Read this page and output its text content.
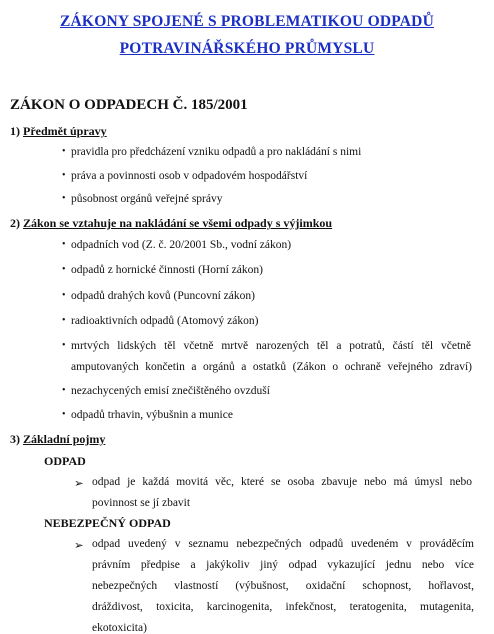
ZÁKONY SPOJENÉ S PROBLEMATIKOU ODPADŮ
POTRAVINÁŘSKÉHO PRŮMYSLU
ZÁKON O ODPADECH Č. 185/2001
1) Předmět úpravy
• pravidla pro předcházení vzniku odpadů a pro nakládání s nimi
• práva a povinnosti osob v odpadovém hospodářství
• působnost orgánů veřejné správy
2) Zákon se vztahuje na nakládání se všemi odpady s výjimkou
• odpadních vod (Z. č. 20/2001 Sb., vodní zákon)
• odpadů z hornické činnosti (Horní zákon)
• odpadů drahých kovů (Puncovní zákon)
• radioaktivních odpadů (Atomový zákon)
• mrtvých lidských těl včetně mrtvě narozených těl a potratů, částí těl včetně
amputovaných končetin a orgánů a ostatků (Zákon o ochraně veřejného zdraví)
• nezachycených emisí znečištěného ovzduší
• odpadů trhavin, výbušnin a munice
3) Základní pojmy
ODPAD
➢ odpad je každá movitá věc, které se osoba zbavuje nebo má úmysl nebo
povinnost se jí zbavit
NEBEZPEČNÝ ODPAD
➢ odpad uvedený v seznamu nebezpečných odpadů uvedeném v prováděcím
právním předpise a jakýkoliv jiný odpad vykazující jednu nebo více
nebezpečných vlastností (výbušnost, oxidační schopnost, hořlavost,
dráždivost, toxicita, karcinogenita, infekčnost, teratogenita, mutagenita,
ekotoxicita)
